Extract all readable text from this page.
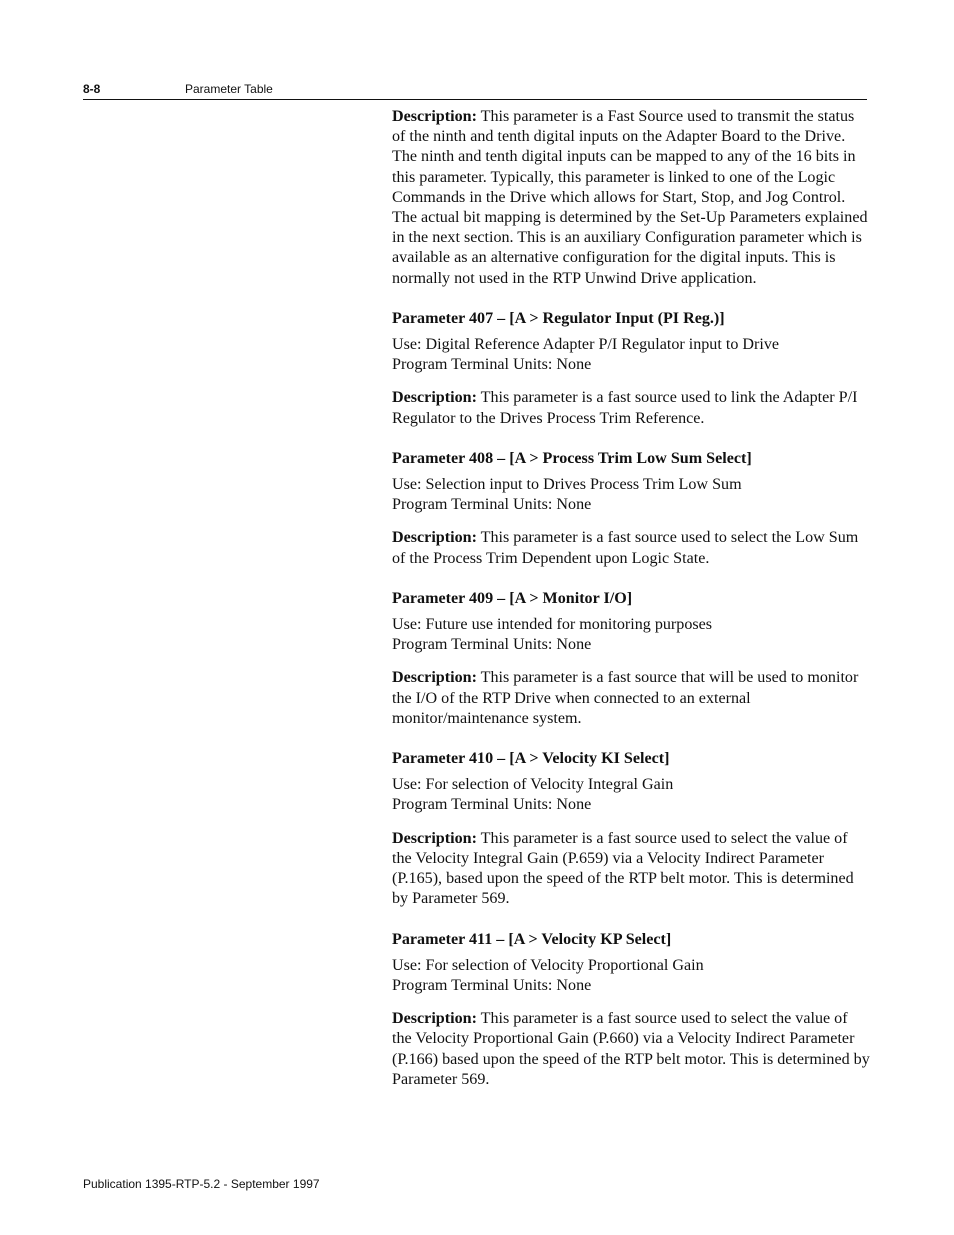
8-8	Parameter Table

Description: This parameter is a Fast Source used to transmit the status of the ninth and tenth digital inputs on the Adapter Board to the Drive. The ninth and tenth digital inputs can be mapped to any of the 16 bits in this parameter. Typically, this parameter is linked to one of the Logic Commands in the Drive which allows for Start, Stop, and Jog Control. The actual bit mapping is determined by the Set-Up Parameters explained in the next section. This is an auxiliary Configuration parameter which is available as an alternative configuration for the digital inputs. This is normally not used in the RTP Unwind Drive application.

Parameter 407 – [A > Regulator Input (PI Reg.)]

Use: Digital Reference Adapter P/I Regulator input to Drive

Program Terminal Units: None

Description: This parameter is a fast source used to link the Adapter P/I Regulator to the Drives Process Trim Reference.

Parameter 408 – [A > Process Trim Low Sum Select]

Use: Selection input to Drives Process Trim Low Sum

Program Terminal Units: None

Description: This parameter is a fast source used to select the Low Sum of the Process Trim Dependent upon Logic State.

Parameter 409 – [A > Monitor I/O]

Use: Future use intended for monitoring purposes

Program Terminal Units: None

Description: This parameter is a fast source that will be used to monitor the I/O of the RTP Drive when connected to an external monitor/maintenance system.

Parameter 410 – [A > Velocity KI Select]

Use: For selection of Velocity Integral Gain

Program Terminal Units: None

Description: This parameter is a fast source used to select the value of the Velocity Integral Gain (P.659) via a Velocity Indirect Parameter (P.165), based upon the speed of the RTP belt motor. This is determined by Parameter 569.

Parameter 411 – [A > Velocity KP Select]

Use: For selection of Velocity Proportional Gain

Program Terminal Units: None

Description: This parameter is a fast source used to select the value of the Velocity Proportional Gain (P.660) via a Velocity Indirect Parameter (P.166) based upon the speed of the RTP belt motor. This is determined by Parameter 569.

Publication 1395-RTP-5.2 - September 1997
